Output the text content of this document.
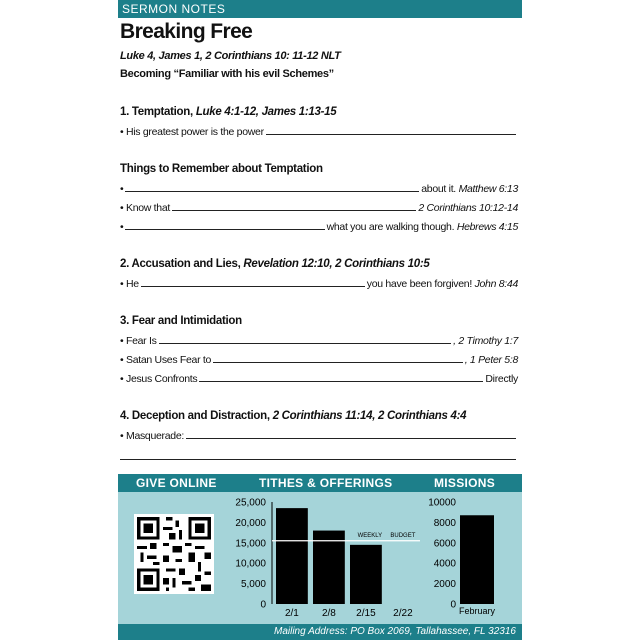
SERMON NOTES
Breaking Free
Luke 4, James 1, 2 Corinthians 10: 11-12 NLT
Becoming “Familiar with his evil Schemes”
1. Temptation, Luke 4:1-12, James 1:13-15
• His greatest power is the power
Things to Remember about Temptation
•	about it.
Matthew 6:13
• Know that	2 Corinthians 10:12-14
•	what you are walking though.
Hebrews 4:15
2. Accusation and Lies, Revelation 12:10, 2 Corinthians 10:5
• He	you have been forgiven!
John 8:44
3. Fear and Intimidation
• Fear Is	, 2 Timothy 1:7
• Satan Uses Fear to	, 1 Peter 5:8
• Jesus Confronts	Directly
4. Deception and Distraction, 2 Corinthians 11:14, 2 Corinthians 4:4
• Masquerade:
GIVE ONLINE	TITHES & OFFERINGS	MISSIONS
0
5,000
10,000
15,000
20,000
25,000
2/1 2/8 2/15 2/22
WEEKLY BUDGET
0
2000
4000
6000
8000
10000
February
Mailing Address: PO Box 2069, Tallahassee, FL 32316
